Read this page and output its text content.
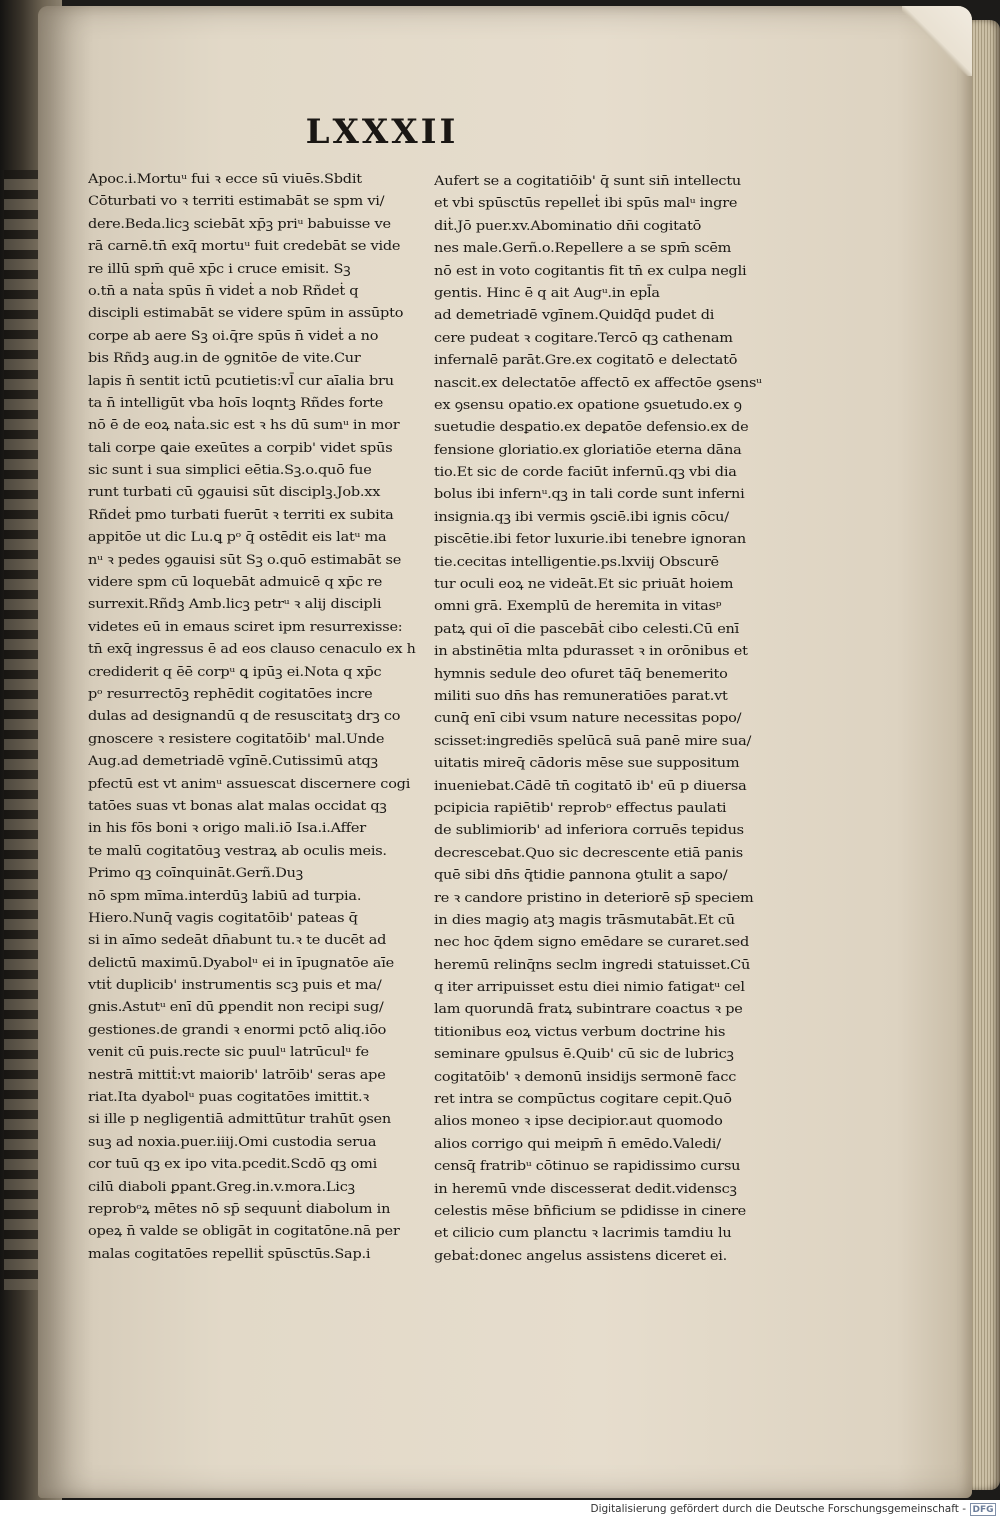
LXXXII
Apoc.i.Mortuᵘ fui ꝛ ecce sū viuēs.Sbdit
Cōturbati vo ꝛ territi estimabāt se spm vi/
dere.Beda.licꝫ sciebāt xp̄ꝫ priᵘ babuisse ve
rā carnē.tn̄ exq̄ mortuᵘ fuit credebāt se vide
re illū spm̄ quē xp̄c i cruce emisit. Sꝫ
o.tn̄ a naṫa spūs n̄ videṫ a nob Rñdeṫ q
discipli estimabāt se videre spūm in assūpto
corpe ab aere Sꝫ oi.q̄re spūs n̄ videṫ a no
bis Rñdꝫ aug.in de ꝯgnitōe de vite.Cur
lapis n̄ sentit ictū pcutietis:vl̄ cur aīalia bru
ta n̄ intelligūt vba hoīs loqntꝫ Rñdes forte
nō ē de eoꝝ naṫa.sic est ꝛ hs dū sumᵘ in mor
tali corpe ꝗaie exeūtes a corpib' videt spūs
sic sunt i sua simplici eētia.Sꝫ.o.quō fue
runt turbati cū ꝯgauisi sūt disciplꝫ.Job.xx
Rñdeṫ pmo turbati fuerūt ꝛ territi ex subita
appitōe ut dic Lu.ꝗ pᵒ q̄ ostēdit eis latᵘ ma
nᵘ ꝛ pedes ꝯgauisi sūt Sꝫ o.quō estimabāt se
videre spm cū loquebāt admuicē q xp̄c re
surrexit.Rñdꝫ Amb.licꝫ petrᵘ ꝛ alij discipli
videtes eū in emaus sciret ipm resurrexisse:
tn̄ exq̄ ingressus ē ad eos clauso cenaculo ex h
crediderit q ēē corpᵘ ꝗ ipūꝫ ei.Nota q xp̄c
pᵒ resurrectōꝫ rephēdit cogitatōes incre
dulas ad designandū q de resuscitatꝫ drꝫ co
gnoscere ꝛ resistere cogitatōib' mal.Unde
Aug.ad demetriadē vgīnē.Cutissimū atqꝫ
pfectū est vt animᵘ assuescat discernere cogi
tatōes suas vt bonas alat malas occidat qꝫ
in his fōs boni ꝛ origo mali.iō Isa.i.Affer
te malū cogitatōuꝫ vestraꝝ ab oculis meis.
Primo qꝫ coīnquināt.Gerñ.Duꝫ
nō spm mīma.interdūꝫ labiū ad turpia.
Hiero.Nunq̄ vagis cogitatōib' pateas q̄
si in aīmo sedeāt dn̄abunt tu.ꝛ te ducēt ad
delictū maximū.Dyabolᵘ ei in īpugnatōe aīe
vtiṫ duplicib' instrumentis scꝫ puis et ma/
gnis.Astutᵘ enī dū ꝑpendit non recipi sug/
gestiones.de grandi ꝛ enormi pctō aliq.iōo
venit cū puis.recte sic puulᵘ latrūculᵘ fe
nestrā mittiṫ:vt maiorib' latrōib' seras ape
riat.Ita dyabolᵘ puas cogitatōes imittit.ꝛ
si ille p negligentiā admittūtur trahūt ꝯsen
suꝫ ad noxia.puer.iiij.Omi custodia serua
cor tuū qꝫ ex ipo vita.pcedit.Scdō qꝫ omi
cilū diaboli ꝑpant.Greg.in.v.mora.Licꝫ
reprobᵒꝝ mētes nō sp̄ sequunṫ diabolum in
opeꝝ n̄ valde se obligāt in cogitatōne.nā per
malas cogitatōes repelliṫ spūsctūs.Sap.i
Aufert se a cogitatiōib' q̄ sunt sin̄ intellectu
et vbi spūsctūs repelleṫ ibi spūs malᵘ ingre
diṫ.Jō puer.xv.Abominatio dn̄i cogitatō
nes male.Gerñ.o.Repellere a se spm̄ scēm
nō est in voto cogitantis fit tn̄ ex culpa negli
gentis. Hinc ē q ait Augᵘ.in epl̄a
ad demetriadē vgīnem.Quidq̄d pudet di
cere pudeat ꝛ cogitare.Tercō qꝫ cathenam
infernalē parāt.Gre.ex cogitatō e delectatō
nascit.ex delectatōe affectō ex affectōe ꝯsensᵘ
ex ꝯsensu opatio.ex opatione ꝯsuetudo.ex ꝯ
suetudie desꝑatio.ex deꝑatōe defensio.ex de
fensione gloriatio.ex gloriatiōe eterna dāna
tio.Et sic de corde faciūt infernū.qꝫ vbi dia
bolus ibi infernᵘ.qꝫ in tali corde sunt inferni
insignia.qꝫ ibi vermis ꝯsciē.ibi ignis cōcu/
piscētie.ibi fetor luxurie.ibi tenebre ignoran
tie.cecitas intelligentie.ps.lxviij Obscurē
tur oculi eoꝝ ne videāt.Et sic priuāt hoiem
omni grā. Exemplū de heremita in vitasᵖ
patꝝ qui oī die pascebāṫ cibo celesti.Cū enī
in abstinētia mlta pdurasset ꝛ in orōnibus et
hymnis sedule deo ofuret tāq̄ benemerito
militi suo dn̄s has remuneratiōes parat.vt
cunq̄ enī cibi vsum nature necessitas popo/
scisset:ingrediēs spelūcā suā panē mire sua/
uitatis mireq̄ cādoris mēse sue suppositum
inueniebat.Cādē tn̄ cogitatō ib' eū p diuersa
pcipicia rapiētib' reprobᵒ effectus paulati
de sublimiorib' ad inferiora corruēs tepidus
decrescebat.Quo sic decrescente etiā panis
quē sibi dn̄s q̄tidie ꝑannona ꝯtulit a sapo/
re ꝛ candore pristino in deteriorē sp̄ speciem
in dies magiꝯ atꝫ magis trāsmutabāt.Et cū
nec hoc q̄dem signo emēdare se curaret.sed
heremū relinq̄ns seclm ingredi statuisset.Cū
q iter arripuisset estu diei nimio fatigatᵘ cel
lam quorundā fratꝝ subintrare coactus ꝛ pe
titionibus eoꝝ victus verbum doctrine his
seminare ꝯpulsus ē.Quib' cū sic de lubricꝫ
cogitatōib' ꝛ demonū insidijs sermonē facc
ret intra se compūctus cogitare cepit.Quō
alios moneo ꝛ ipse decipior.aut quomodo
alios corrigo qui meipm̄ n̄ emēdo.Valedi/
censq̄ fratribᵘ cōtinuo se rapidissimo cursu
in heremū vnde discesserat dedit.videnscꝫ
celestis mēse bn̄ficium se pdidisse in cinere
et cilicio cum planctu ꝛ lacrimis tamdiu lu
gebaṫ:donec angelus assistens diceret ei.
Digitalisierung gefördert durch die Deutsche Forschungsgemeinschaft - DFG
